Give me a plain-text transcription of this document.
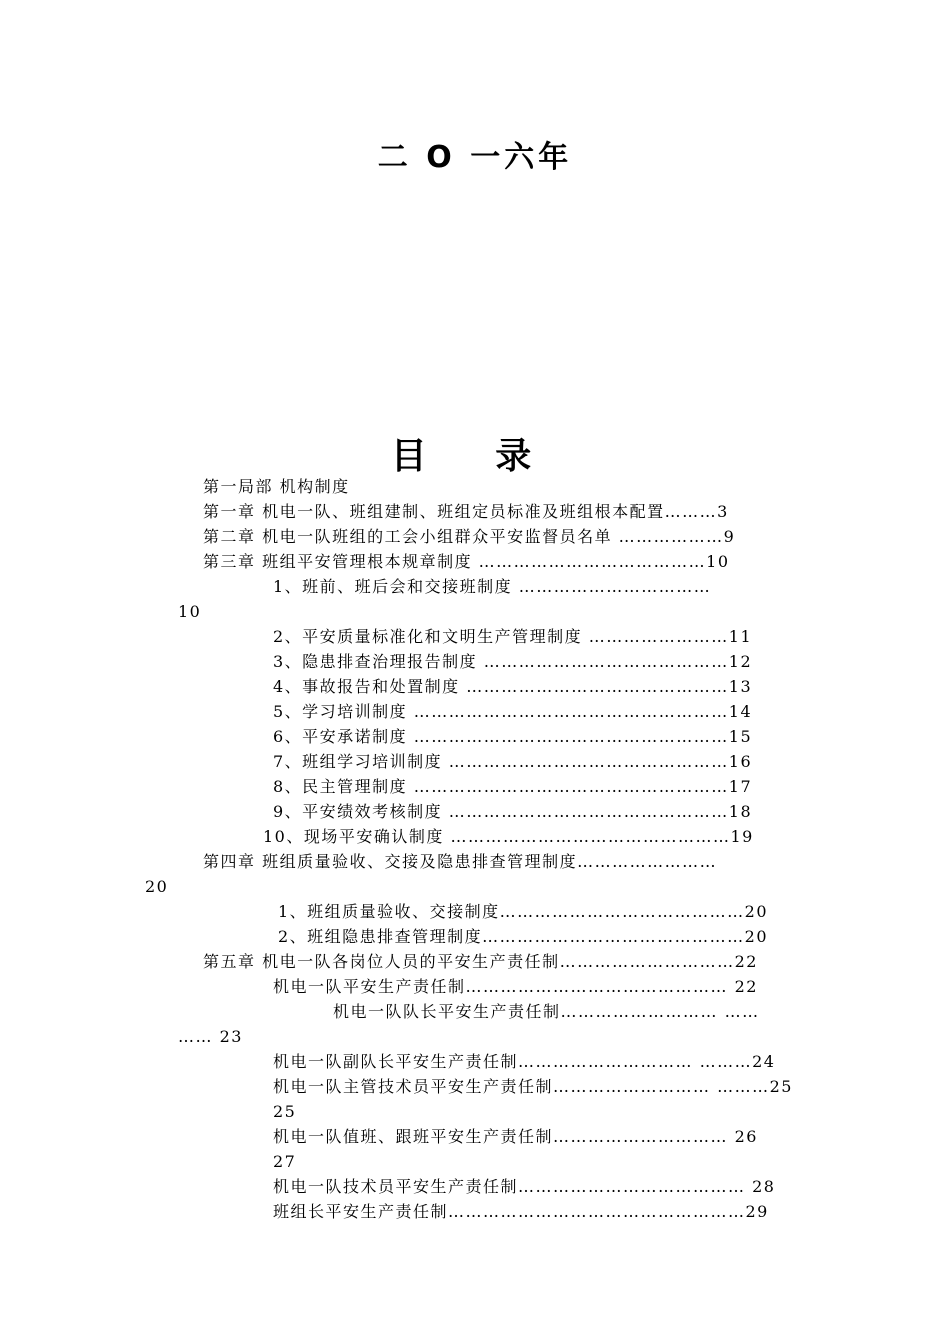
二 O 一六年
目 录
第一局部 机构制度
第一章 机电一队、班组建制、班组定员标准及班组根本配置………3
第二章 机电一队班组的工会小组群众平安监督员名单 ………………9
第三章 班组平安管理根本规章制度 …………………………………10
1、班前、班后会和交接班制度 ……………………………
10
2、平安质量标准化和文明生产管理制度 ……………………11
3、隐患排查治理报告制度 ……………………………………12
4、事故报告和处置制度 ………………………………………13
5、学习培训制度 ………………………………………………14
6、平安承诺制度 ………………………………………………15
7、班组学习培训制度 …………………………………………16
8、民主管理制度 ………………………………………………17
9、平安绩效考核制度 …………………………………………18
10、现场平安确认制度 …………………………………………19
第四章 班组质量验收、交接及隐患排查管理制度……………………
20
1、班组质量验收、交接制度……………………………………20
2、班组隐患排查管理制度………………………………………20
第五章 机电一队各岗位人员的平安生产责任制…………………………22
机电一队平安生产责任制……………………………………… 22
机电一队队长平安生产责任制……………………… ……
…… 23
机电一队副队长平安生产责任制………………………… ………24
机电一队主管技术员平安生产责任制……………………… ………25
25
机电一队值班、跟班平安生产责任制………………………… 26
27
机电一队技术员平安生产责任制………………………………… 28
班组长平安生产责任制……………………………………………29
